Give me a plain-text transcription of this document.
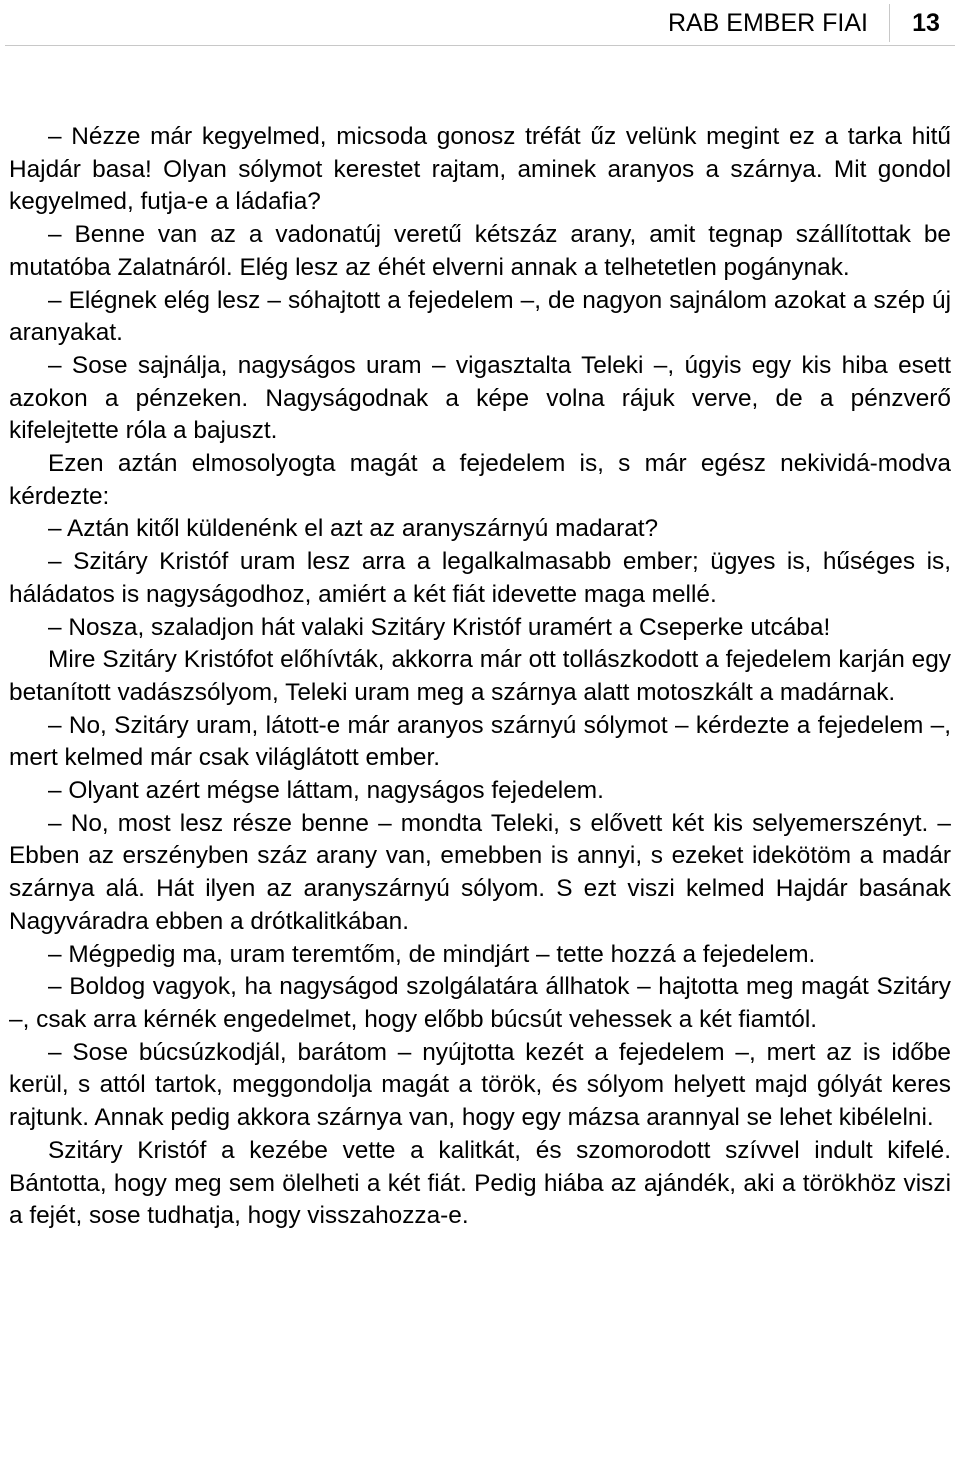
RAB EMBER FIAI	13

– Nézze már kegyelmed, micsoda gonosz tréfát űz velünk megint ez a tarka hitű Hajdár basa! Olyan sólymot kerestet rajtam, aminek aranyos a szárnya. Mit gondol kegyelmed, futja-e a ládafia?

– Benne van az a vadonatúj veretű kétszáz arany, amit tegnap szállítottak be mutatóba Zalatnáról. Elég lesz az éhét elverni annak a telhetetlen pogánynak.

– Elégnek elég lesz – sóhajtott a fejedelem –, de nagyon sajnálom azokat a szép új aranyakat.

– Sose sajnálja, nagyságos uram – vigasztalta Teleki –, úgyis egy kis hiba esett azokon a pénzeken. Nagyságodnak a képe volna rájuk verve, de a pénzverő kifelejtette róla a bajuszt.

Ezen aztán elmosolyogta magát a fejedelem is, s már egész nekividá-modva kérdezte:

– Aztán kitől küldenénk el azt az aranyszárnyú madarat?

– Szitáry Kristóf uram lesz arra a legalkalmasabb ember; ügyes is, hűséges is, háládatos is nagyságodhoz, amiért a két fiát idevette maga mellé.

– Nosza, szaladjon hát valaki Szitáry Kristóf uramért a Cseperke utcába!

Mire Szitáry Kristófot előhívták, akkorra már ott tollászkodott a fejedelem karján egy betanított vadászsólyom, Teleki uram meg a szárnya alatt motoszkált a madárnak.

– No, Szitáry uram, látott-e már aranyos szárnyú sólymot – kérdezte a fejedelem –, mert kelmed már csak világlátott ember.

– Olyant azért mégse láttam, nagyságos fejedelem.

– No, most lesz része benne – mondta Teleki, s elővett két kis selyemerszényt. – Ebben az erszényben száz arany van, emebben is annyi, s ezeket idekötöm a madár szárnya alá. Hát ilyen az aranyszárnyú sólyom. S ezt viszi kelmed Hajdár basának Nagyváradra ebben a drótkalitkában.

– Mégpedig ma, uram teremtőm, de mindjárt – tette hozzá a fejedelem.

– Boldog vagyok, ha nagyságod szolgálatára állhatok – hajtotta meg magát Szitáry –, csak arra kérnék engedelmet, hogy előbb búcsút vehessek a két fiamtól.

– Sose búcsúzkodjál, barátom – nyújtotta kezét a fejedelem –, mert az is időbe kerül, s attól tartok, meggondolja magát a török, és sólyom helyett majd gólyát keres rajtunk. Annak pedig akkora szárnya van, hogy egy mázsa arannyal se lehet kibélelni.

Szitáry Kristóf a kezébe vette a kalitkát, és szomorodott szívvel indult kifelé. Bántotta, hogy meg sem ölelheti a két fiát. Pedig hiába az ajándék, aki a törökhöz viszi a fejét, sose tudhatja, hogy visszahozza-e.
